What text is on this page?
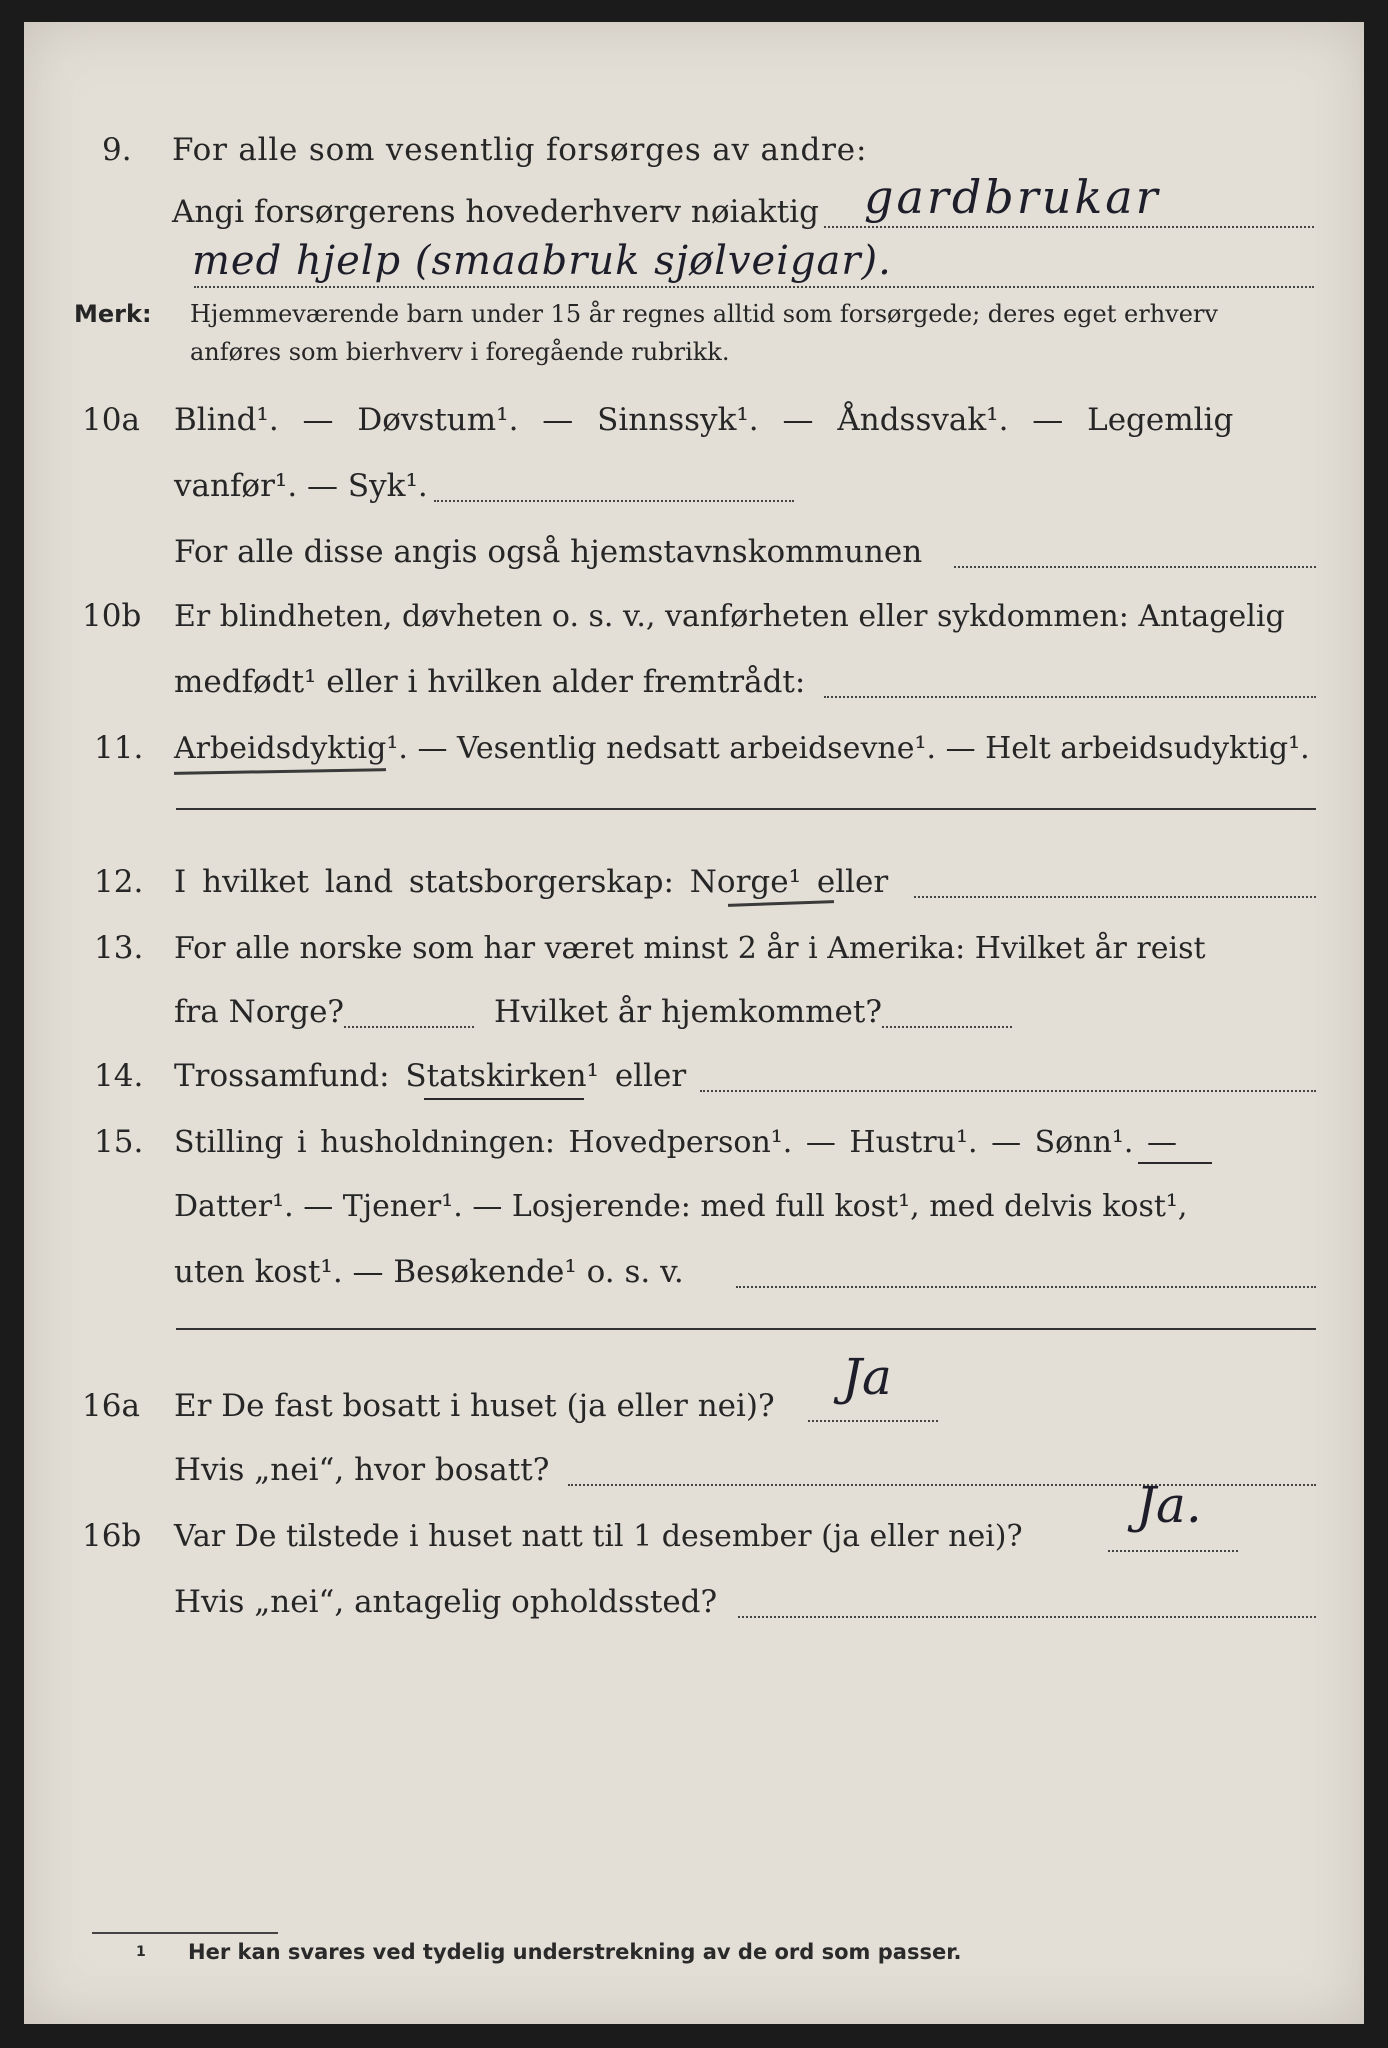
9. For alle som vesentlig forsørges av andre:
Angi forsørgerens hovederhverv nøiaktig gardbrukar
med hjelp (smaabruk sjølveigar).
Merk: Hjemmeværende barn under 15 år regnes alltid som forsørgede; deres eget erhverv
anføres som bierhverv i foregående rubrikk.
10a Blind¹. — Døvstum¹. — Sinnssyk¹. — Åndssvak¹. — Legemlig
vanfør¹. — Syk¹.
For alle disse angis også hjemstavnskommunen
10b Er blindheten, døvheten o. s. v., vanførheten eller sykdommen: Antagelig
medfødt¹ eller i hvilken alder fremtrådt:
11. Arbeidsdyktig¹. — Vesentlig nedsatt arbeidsevne¹. — Helt arbeidsudyktig¹.
12. I hvilket land statsborgerskap: Norge¹ eller
13. For alle norske som har været minst 2 år i Amerika: Hvilket år reist
fra Norge?	Hvilket år hjemkommet?
14. Trossamfund: Statskirken¹ eller
15. Stilling i husholdningen: Hovedperson¹. — Hustru¹. — Sønn¹. —
Datter¹. — Tjener¹. — Losjerende: med full kost¹, med delvis kost¹,
uten kost¹. — Besøkende¹ o. s. v.
16a Er De fast bosatt i huset (ja eller nei)? Ja
Hvis „nei“, hvor bosatt?
16b Var De tilstede i huset natt til 1 desember (ja eller nei)?
Ja.
Hvis „nei“, antagelig opholdssted?
1 Her kan svares ved tydelig understrekning av de ord som passer.
